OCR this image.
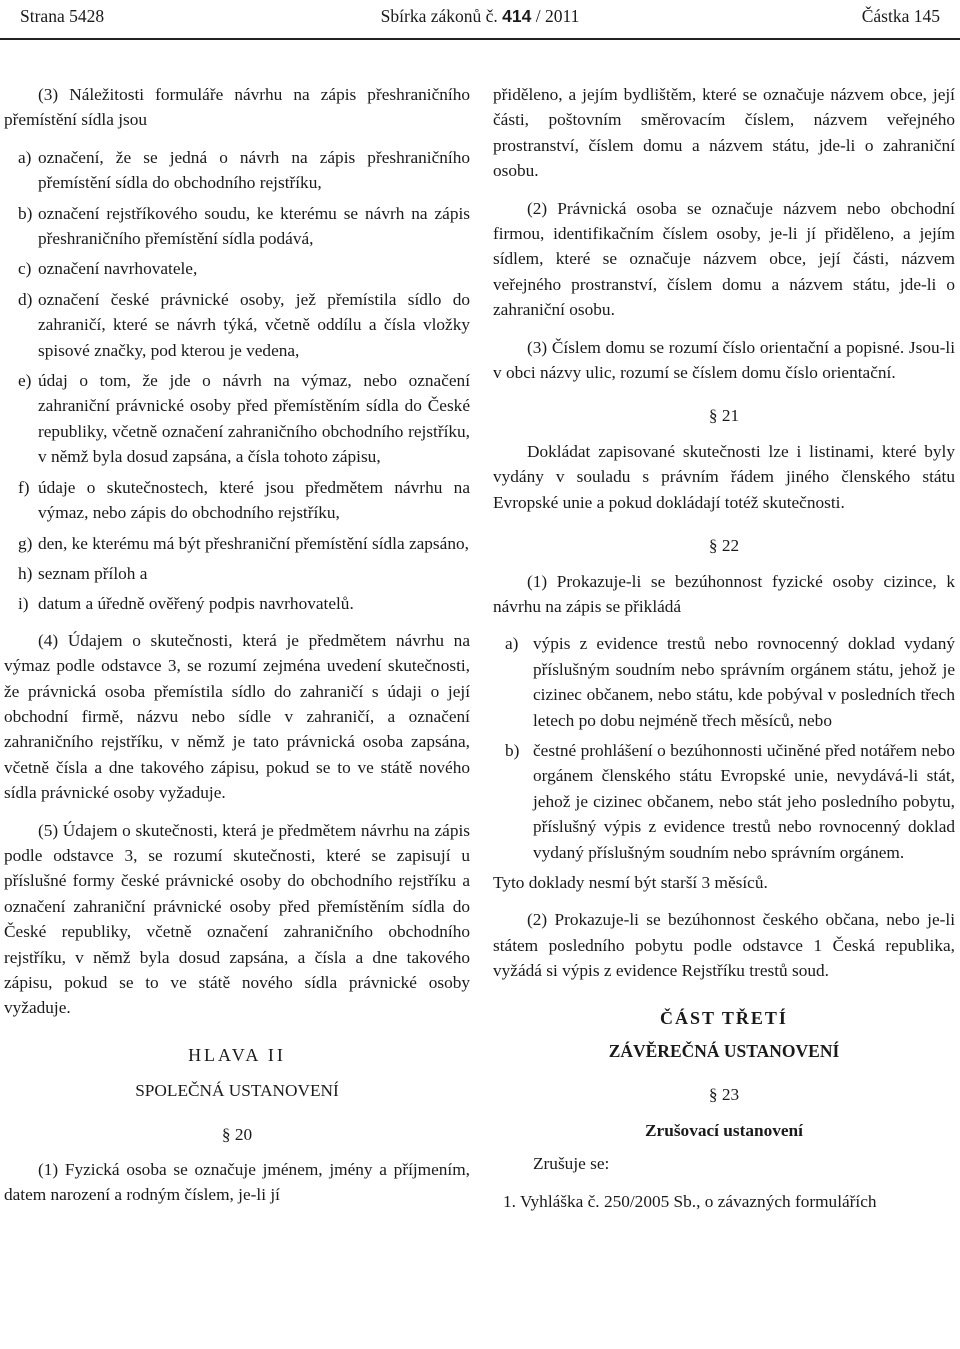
Strana 5428	Sbírka zákonů č. 414 / 2011	Částka 145

(3) Náležitosti formuláře návrhu na zápis přeshraničního přemístění sídla jsou

a) označení, že se jedná o návrh na zápis přeshraničního přemístění sídla do obchodního rejstříku,
b) označení rejstříkového soudu, ke kterému se návrh na zápis přeshraničního přemístění sídla podává,
c) označení navrhovatele,
d) označení české právnické osoby, jež přemístila sídlo do zahraničí, které se návrh týká, včetně oddílu a čísla vložky spisové značky, pod kterou je vedena,
e) údaj o tom, že jde o návrh na výmaz, nebo označení zahraniční právnické osoby před přemístěním sídla do České republiky, včetně označení zahraničního obchodního rejstříku, v němž byla dosud zapsána, a čísla tohoto zápisu,
f) údaje o skutečnostech, které jsou předmětem návrhu na výmaz, nebo zápis do obchodního rejstříku,
g) den, ke kterému má být přeshraniční přemístění sídla zapsáno,
h) seznam příloh a
i) datum a úředně ověřený podpis navrhovatelů.

(4) Údajem o skutečnosti, která je předmětem návrhu na výmaz podle odstavce 3, se rozumí zejména uvedení skutečnosti, že právnická osoba přemístila sídlo do zahraničí s údaji o její obchodní firmě, názvu nebo sídle v zahraničí, a označení zahraničního rejstříku, v němž je tato právnická osoba zapsána, včetně čísla a dne takového zápisu, pokud se to ve státě nového sídla právnické osoby vyžaduje.

(5) Údajem o skutečnosti, která je předmětem návrhu na zápis podle odstavce 3, se rozumí skutečnosti, které se zapisují u příslušné formy české právnické osoby do obchodního rejstříku a označení zahraniční právnické osoby před přemístěním sídla do České republiky, včetně označení zahraničního obchodního rejstříku, v němž byla dosud zapsána, a čísla a dne takového zápisu, pokud se to ve státě nového sídla právnické osoby vyžaduje.

HLAVA II
SPOLEČNÁ USTANOVENÍ
§ 20

(1) Fyzická osoba se označuje jménem, jmény a příjmením, datem narození a rodným číslem, je-li jí

přiděleno, a jejím bydlištěm, které se označuje názvem obce, její části, poštovním směrovacím číslem, názvem veřejného prostranství, číslem domu a názvem státu, jde-li o zahraniční osobu.

(2) Právnická osoba se označuje názvem nebo obchodní firmou, identifikačním číslem osoby, je-li jí přiděleno, a jejím sídlem, které se označuje názvem obce, její části, názvem veřejného prostranství, číslem domu a názvem státu, jde-li o zahraniční osobu.

(3) Číslem domu se rozumí číslo orientační a popisné. Jsou-li v obci názvy ulic, rozumí se číslem domu číslo orientační.

§ 21

Dokládat zapisované skutečnosti lze i listinami, které byly vydány v souladu s právním řádem jiného členského státu Evropské unie a pokud dokládají totéž skutečnosti.

§ 22

(1) Prokazuje-li se bezúhonnost fyzické osoby cizince, k návrhu na zápis se přikládá

a) výpis z evidence trestů nebo rovnocenný doklad vydaný příslušným soudním nebo správním orgánem státu, jehož je cizinec občanem, nebo státu, kde pobýval v posledních třech letech po dobu nejméně třech měsíců, nebo
b) čestné prohlášení o bezúhonnosti učiněné před notářem nebo orgánem členského státu Evropské unie, nevydává-li stát, jehož je cizinec občanem, nebo stát jeho posledního pobytu, příslušný výpis z evidence trestů nebo rovnocenný doklad vydaný příslušným soudním nebo správním orgánem.

Tyto doklady nesmí být starší 3 měsíců.

(2) Prokazuje-li se bezúhonnost českého občana, nebo je-li státem posledního pobytu podle odstavce 1 Česká republika, vyžádá si výpis z evidence Rejstříku trestů soud.

ČÁST TŘETÍ
ZÁVĚREČNÁ USTANOVENÍ
§ 23
Zrušovací ustanovení

Zrušuje se:

1. Vyhláška č. 250/2005 Sb., o závazných formulářích
